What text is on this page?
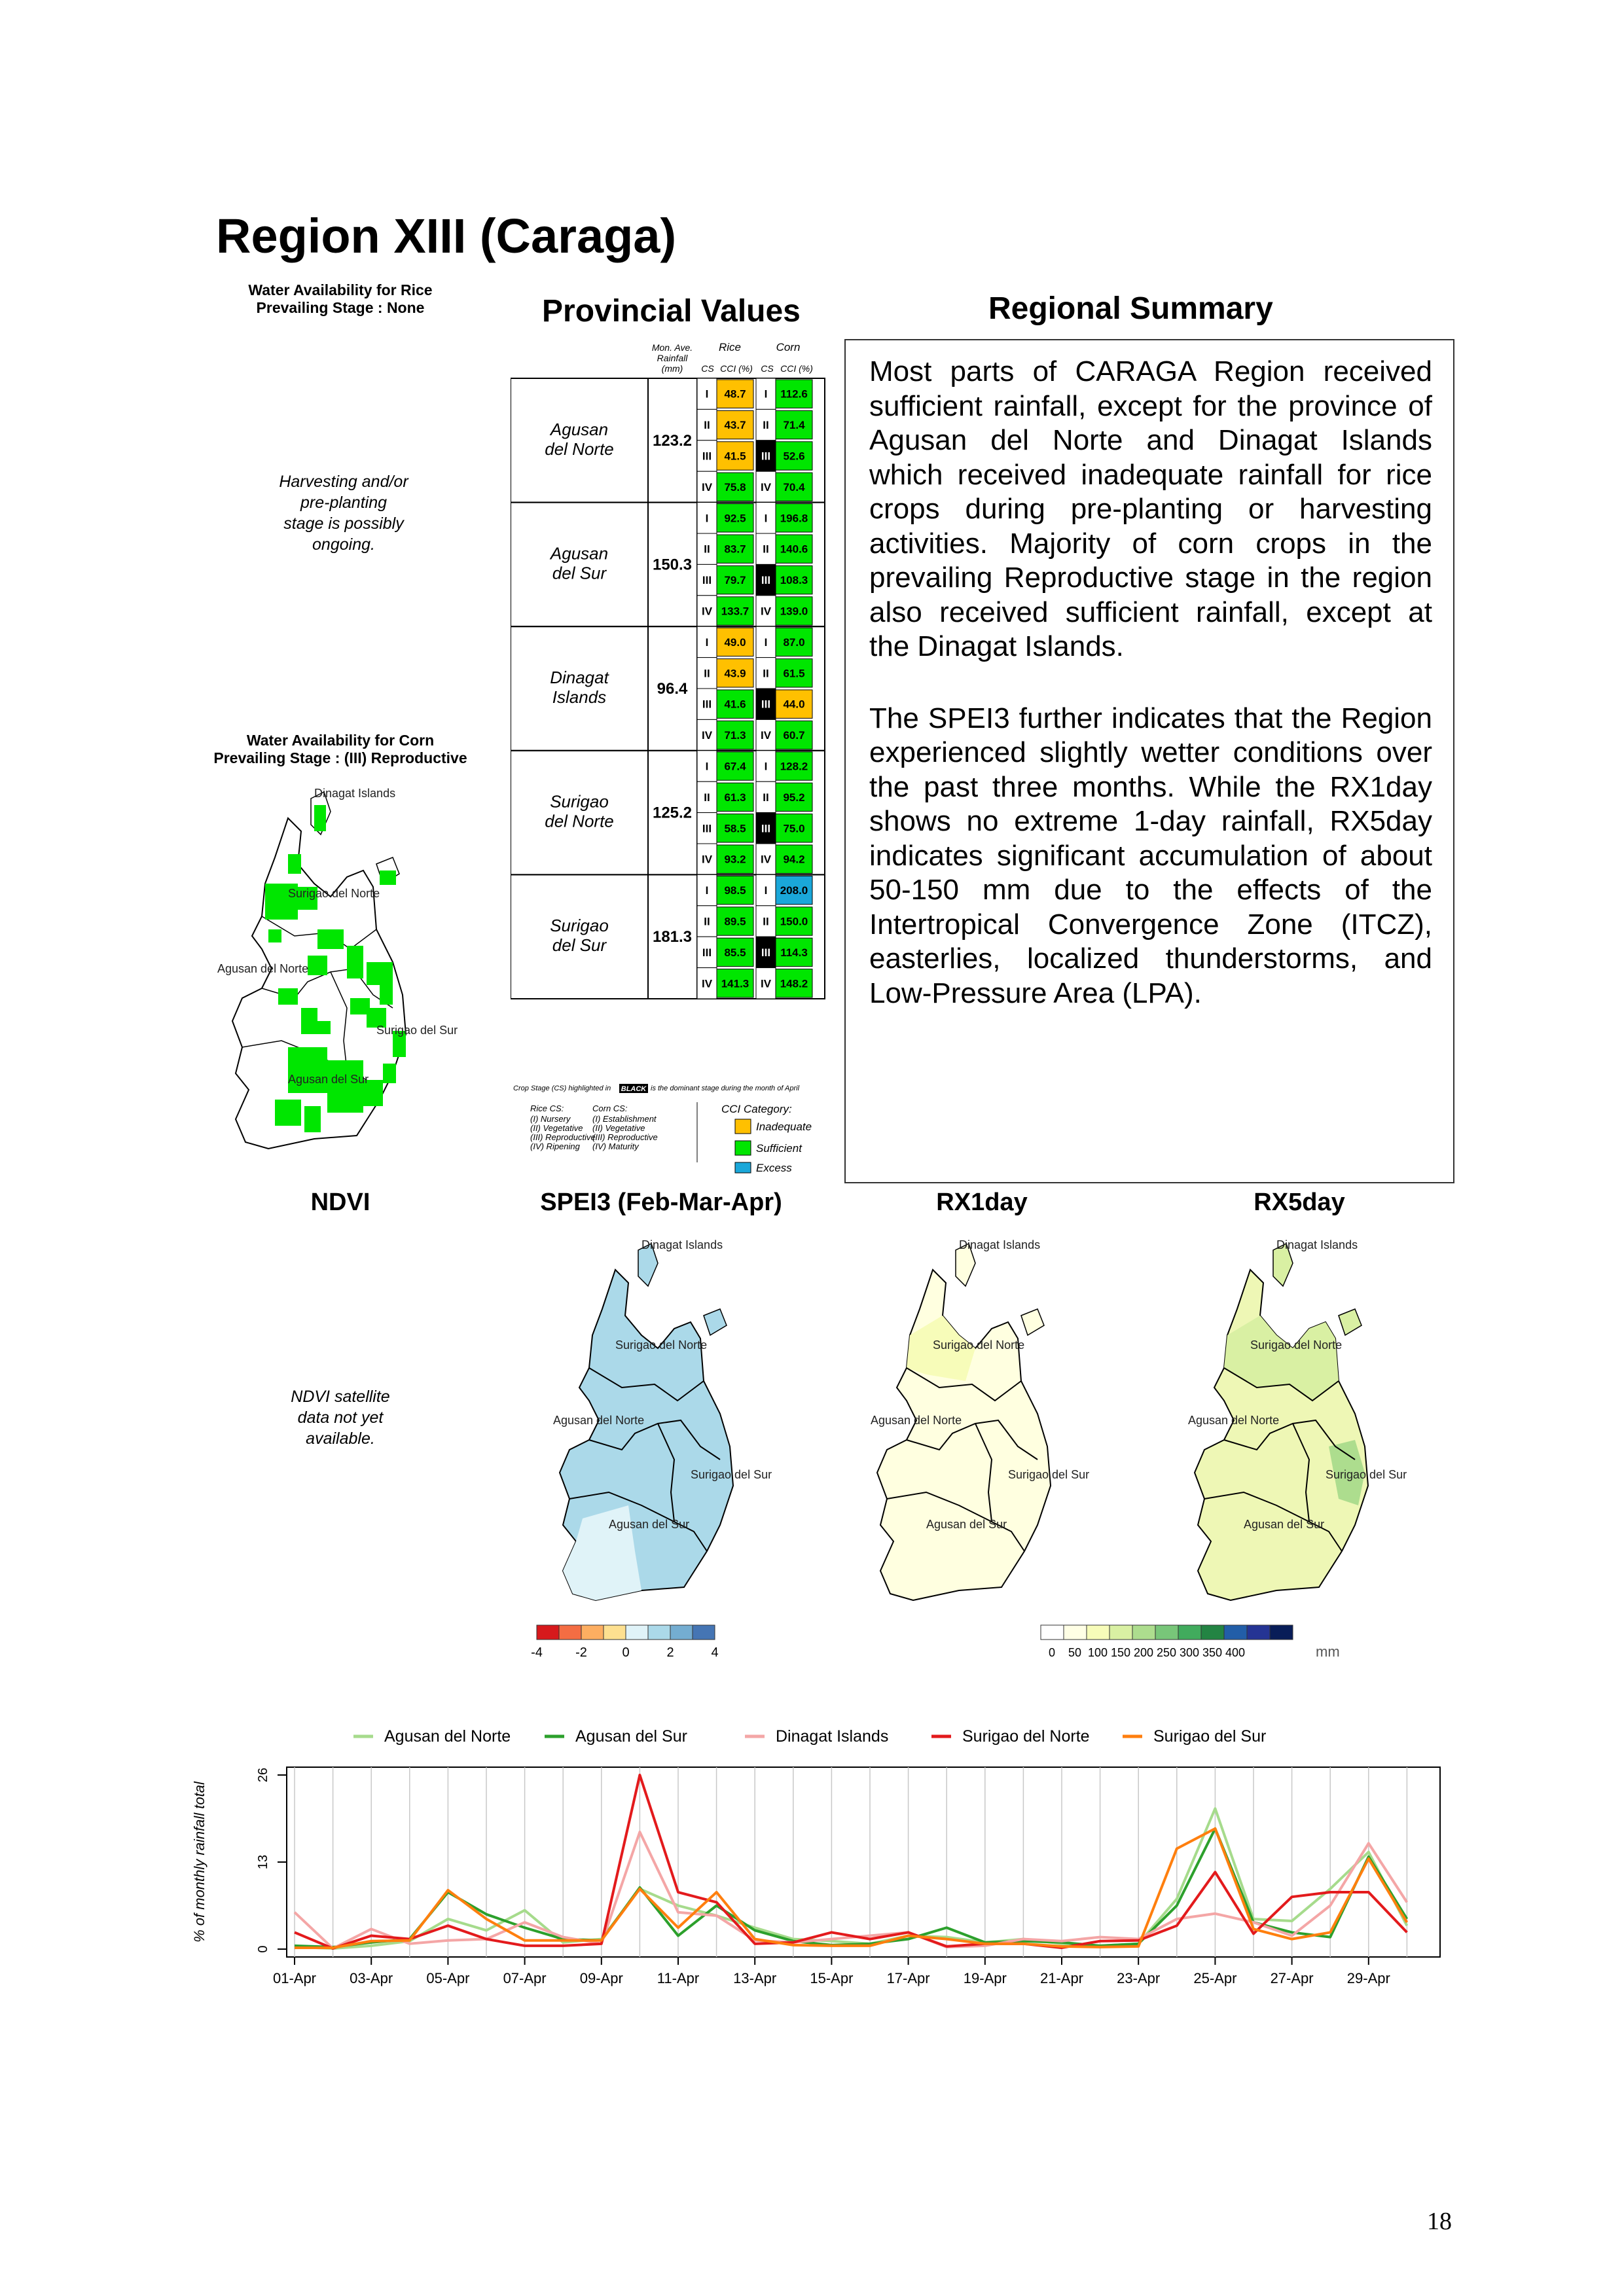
Region XIII (Caraga)
Water Availability for Rice
Prevailing Stage : None
Harvesting and/or
pre-planting
stage is possibly
ongoing.
Water Availability for Corn
Prevailing Stage : (III) Reproductive
Dinagat Islands
Surigao del Norte
Agusan del Norte
Surigao del Sur
Agusan del Sur
Provincial Values
Mon. Ave.
Rainfall
(mm)
Rice	Corn
CS CCI (%) CS CCI (%)
Agusan
del Norte 123.2
I 48.7 I 112.6
II 43.7 II 71.4
III 41.5 III 52.6
IV 75.8 IV 70.4
Agusan
del Sur	150.3
I 92.5 I 196.8
II 83.7 II 140.6
III 79.7 III 108.3
IV 133.7 IV 139.0
Dinagat
Islands	96.4
I 49.0 I 87.0
II 43.9 II 61.5
III 41.6 III 44.0
IV 71.3 IV 60.7
Surigao
del Norte 125.2
I 67.4 I 128.2
II 61.3 II 95.2
III 58.5 III 75.0
IV 93.2 IV 94.2
Surigao
del Sur	181.3
I 98.5 I 208.0
II 89.5 II 150.0
III 85.5 III 114.3
IV 141.3 IV 148.2
Crop Stage (CS) highlighted in BLACK is the dominant stage during the month of April
Rice CS:
(I) Nursery
(II) Vegetative
(III) Reproductive
(IV) Ripening
Corn CS:
(I) Establishment
(II) Vegetative
(III) Reproductive
(IV) Maturity
CCI Category:
Inadequate
Sufficient
Excess
Regional Summary

Most parts of CARAGA Region received sufficient rainfall, except for the province of Agusan del Norte and Dinagat Islands which received inadequate rainfall for rice crops during pre-planting or harvesting activities. Majority of corn crops in the prevailing Reproductive stage in the region also received sufficient rainfall, except at the Dinagat Islands.

The SPEI3 further indicates that the Region experienced slightly wetter conditions over the past three months. While the RX1day shows no extreme 1-day rainfall, RX5day indicates significant accumulation of about 50-150 mm due to the effects of the Intertropical Convergence Zone (ITCZ), easterlies, localized thunderstorms, and Low-Pressure Area (LPA).

NDVI
NDVI satellite
data not yet
available.
SPEI3 (Feb-Mar-Apr)	RX1day	RX5day
Dinagat Islands
Surigao del Norte
Agusan del Norte
Surigao del Sur
Agusan del Sur
Dinagat Islands
Surigao del Norte
Agusan del Norte
Surigao del Sur
Agusan del Sur
Dinagat Islands
Surigao del Norte
Agusan del Norte
Surigao del Sur
Agusan del Sur
-4	-2	0	2	4	0 50 100 150 200 250 300 350 400	mm
Agusan del Norte	Agusan del Sur	Dinagat Islands	Surigao del Norte	Surigao del Sur
0
13
26
01-Apr 03-Apr 05-Apr 07-Apr 09-Apr 11-Apr 13-Apr 15-Apr 17-Apr 19-Apr 21-Apr 23-Apr 25-Apr 27-Apr 29-Apr
% of monthly rainfall total
18
